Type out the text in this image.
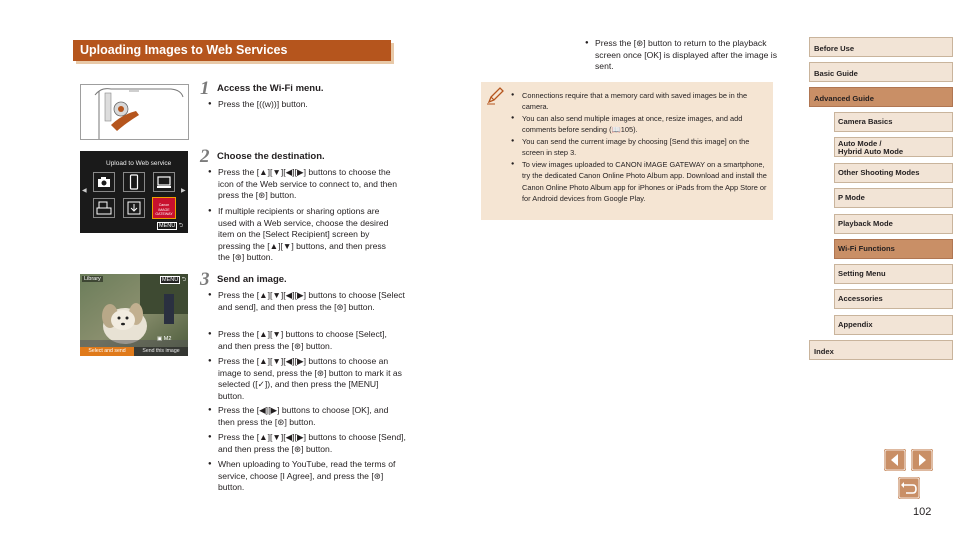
Uploading Images to Web Services
1 Access the Wi-Fi menu.
● Press the [((ᴡ))] button.
Upload to Web service
◀	▶
Canon iMAGE GATEWAY
MENU ⮌
2 Choose the destination.
● Press the [▲][▼][◀][▶] buttons to choose the icon of the Web service to connect to, and then press the [⊛] button.
● If multiple recipients or sharing options are used with a Web service, choose the desired item on the [Select Recipient] screen by pressing the [▲][▼] buttons, and then press the [⊛] button.
Library	MENU ⮌
▣ M2
Select and send	Send this image
3 Send an image.
● Press the [▲][▼][◀][▶] buttons to choose [Select and send], and then press the [⊛] button.
● Press the [▲][▼] buttons to choose [Select], and then press the [⊛] button.
● Press the [▲][▼][◀][▶] buttons to choose an image to send, press the [⊛] button to mark it as selected ([✓]), and then press the [MENU] button.
● Press the [◀][▶] buttons to choose [OK], and then press the [⊛] button.
● Press the [▲][▼][◀][▶] buttons to choose [Send], and then press the [⊛] button.
● When uploading to YouTube, read the terms of service, choose [I Agree], and press the [⊛] button.
● Press the [⊛] button to return to the playback screen once [OK] is displayed after the image is sent.
● Connections require that a memory card with saved images be in the camera.
● You can also send multiple images at once, resize images, and add comments before sending (📖105).
● You can send the current image by choosing [Send this image] on the screen in step 3.
● To view images uploaded to CANON iMAGE GATEWAY on a smartphone, try the dedicated Canon Online Photo Album app. Download and install the Canon Online Photo Album app for iPhones or iPads from the App Store or for Android devices from Google Play.
Before Use
Basic Guide
Advanced Guide
Camera Basics
Auto Mode /
Hybrid Auto Mode
Other Shooting Modes
P Mode
Playback Mode
Wi-Fi Functions
Setting Menu
Accessories
Appendix
Index
102
